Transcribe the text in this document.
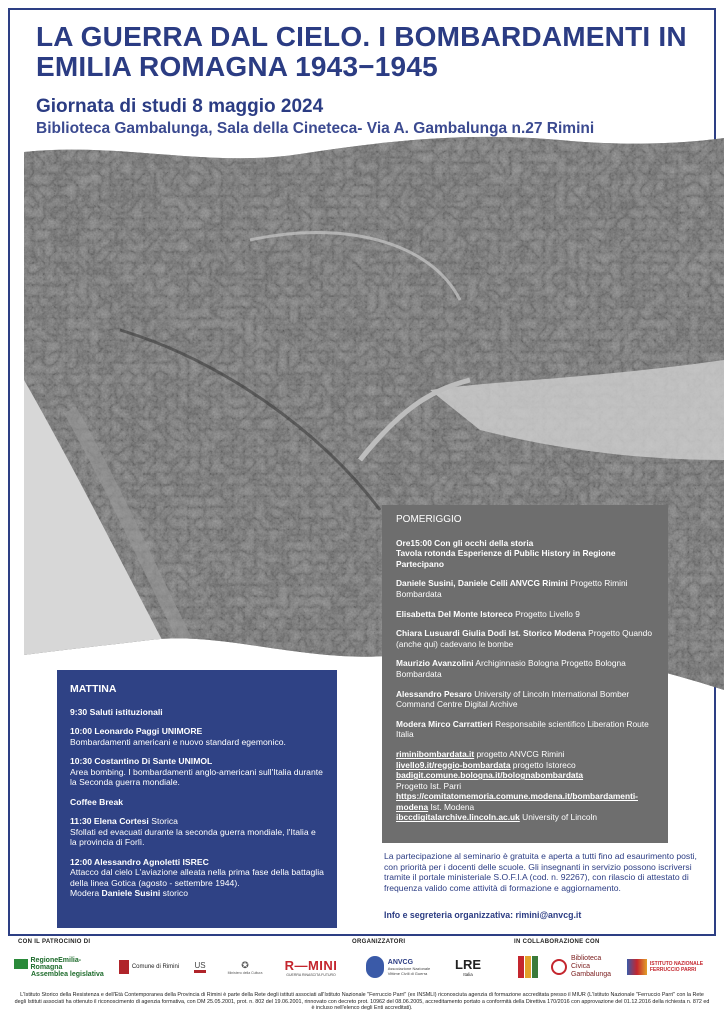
LA GUERRA DAL CIELO. I BOMBARDAMENTI IN EMILIA ROMAGNA 1943−1945

Giornata di studi 8 maggio 2024

Biblioteca Gambalunga, Sala della Cineteca- Via A. Gambalunga n.27 Rimini

MATTINA
9:30 Saluti istituzionali
10:00 Leonardo Paggi UNIMORE
Bombardamenti americani e nuovo standard egemonico.
10:30 Costantino Di Sante UNIMOL
Area bombing. I bombardamenti anglo-americani sull'Italia durante la Seconda guerra mondiale.
Coffee Break
11:30 Elena Cortesi Storica
Sfollati ed evacuati durante la seconda guerra mondiale, l'Italia e la provincia di Forlì.
12:00 Alessandro Agnoletti ISREC
Attacco dal cielo L'aviazione alleata nella prima fase della battaglia della linea Gotica (agosto - settembre 1944).
Modera Daniele Susini storico
POMERIGGIO
Ore15:00 Con gli occhi della storia
Tavola rotonda Esperienze di Public History in Regione
Partecipano
Daniele Susini, Daniele Celli ANVCG Rimini Progetto Rimini Bombardata
Elisabetta Del Monte Istoreco Progetto Livello 9
Chiara Lusuardi Giulia Dodi Ist. Storico Modena Progetto Quando (anche qui) cadevano le bombe
Maurizio Avanzolini Archiginnasio Bologna Progetto Bologna Bombardata
Alessandro Pesaro University of Lincoln International Bomber Command Centre Digital Archive
Modera Mirco Carrattieri Responsabile scientifico Liberation Route Italia
riminibombardata.it progetto ANVCG Rimini
livello9.it/reggio-bombardata progetto Istoreco
badigit.comune.bologna.it/bolognabombardata
Progetto Ist. Parri
https://comitatomemoria.comune.modena.it/bombardamenti-modena Ist. Modena
ibccdigitalarchive.lincoln.ac.uk University of Lincoln
La partecipazione al seminario è gratuita e aperta a tutti fino ad esaurimento posti, con priorità per i docenti delle scuole. Gli insegnanti in servizio possono iscriversi tramite il portale ministeriale S.O.F.I.A (cod. n. 92267), con rilascio di attestato di frequenza valido come attività di formazione e aggiornamento.
Info e segreteria organizzativa: rimini@anvcg.it
CON IL PATROCINIO DI	ORGANIZZATORI	IN COLLABORAZIONE CON
RegioneEmilia-Romagna
Assemblea legislativa
Comune di Rimini US	✪
Ministero della Cultura R—MINI
GUERRA RINASCITA FUTURO
ANVCG
Associazione Nazionale
Vittime Civili di Guerra
LRE
Italia
Biblioteca
Civica
Gambalunga
ISTITUTO NAZIONALE
FERRUCCIO PARRI
L'Istituto Storico della Resistenza e dell'Età Contemporanea della Provincia di Rimini è parte della Rete degli istituti associati all'Istituto Nazionale "Ferruccio Parri" (ex INSMLI) riconosciuta agenzia di formazione accreditata presso il MIUR (L'Istituto Nazionale "Ferruccio Parri" con la Rete degli Istituti associati ha ottenuto il riconoscimento di agenzia formativa, con DM 25.05.2001, prot. n. 802 del 19.06.2001, rinnovato con decreto prot. 10962 del 08.06.2005, accreditamento portato a conformità della Direttiva 170/2016 con approvazione del 01.12.2016 della richiesta n. 872 ed è incluso nell'elenco degli Enti accreditati).
